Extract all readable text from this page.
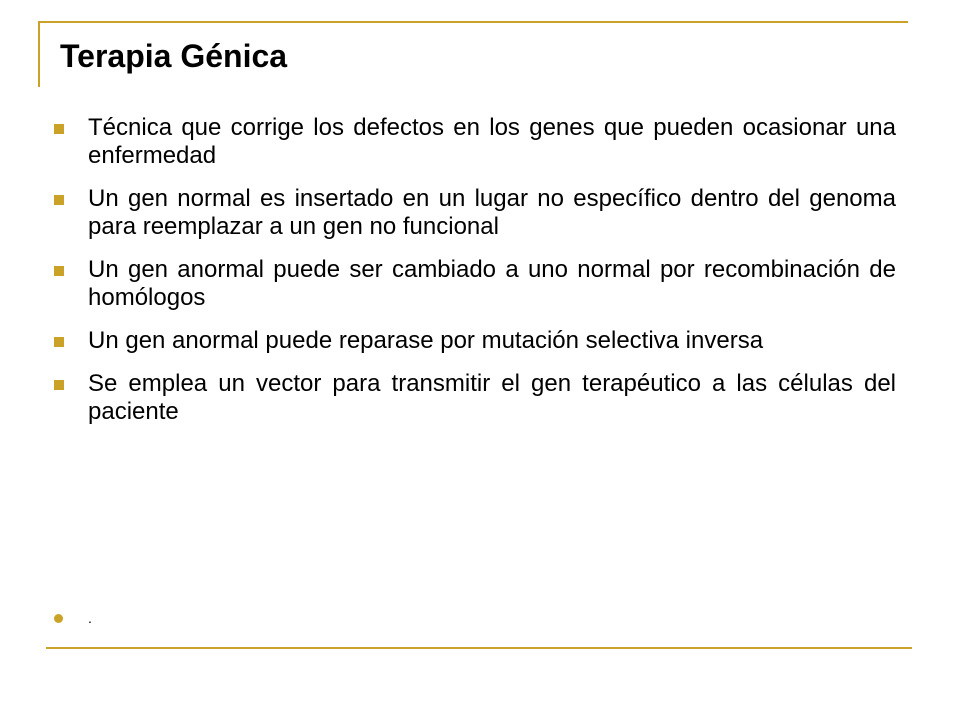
Terapia Génica
Técnica que corrige los defectos en los genes que pueden ocasionar una enfermedad
Un gen normal es insertado en un lugar no específico dentro del genoma para reemplazar a un gen no funcional
Un gen anormal puede ser cambiado a uno normal por recombinación de homólogos
Un gen anormal puede reparase por mutación selectiva inversa
Se emplea un vector para transmitir el gen terapéutico a las células del paciente
.
